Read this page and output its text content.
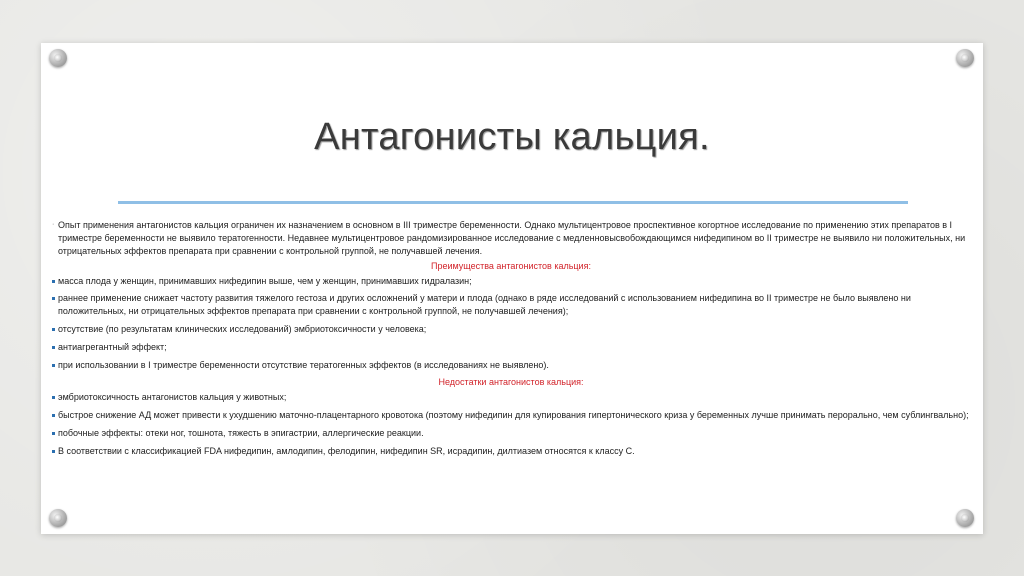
Антагонисты кальция.
· Опыт применения антагонистов кальция ограничен их назначением в основном в III триместре беременности. Однако мультицентровое проспективное когортное исследование по применению этих препаратов в I триместре беременности не выявило тератогенности. Недавнее мультицентровое рандомизированное исследование с медленновысвобождающимся нифедипином во II триместре не выявило ни положительных, ни отрицательных эффектов препарата при сравнении с контрольной группой, не получавшей лечения.
Преимущества антагонистов кальция:
масса плода у женщин, принимавших нифедипин выше, чем у женщин, принимавших гидралазин;
раннее применение снижает частоту развития тяжелого гестоза и других осложнений у матери и плода (однако в ряде исследований с использованием нифедипина во II триместре не было выявлено ни положительных, ни отрицательных эффектов препарата при сравнении с контрольной группой, не получавшей лечения);
отсутствие (по результатам клинических исследований) эмбриотоксичности у человека;
антиагрегантный эффект;
при использовании в I триместре беременности отсутствие тератогенных эффектов (в исследованиях не выявлено).
Недостатки антагонистов кальция:
эмбриотоксичность антагонистов кальция у животных;
быстрое снижение АД может привести к ухудшению маточно-плацентарного кровотока (поэтому нифедипин для купирования гипертонического криза у беременных лучше принимать перорально, чем сублингвально);
побочные эффекты: отеки ног, тошнота, тяжесть в эпигастрии, аллергические реакции.
В соответствии с классификацией FDA нифедипин, амлодипин, фелодипин, нифедипин SR, исрадипин, дилтиазем относятся к классу С.
